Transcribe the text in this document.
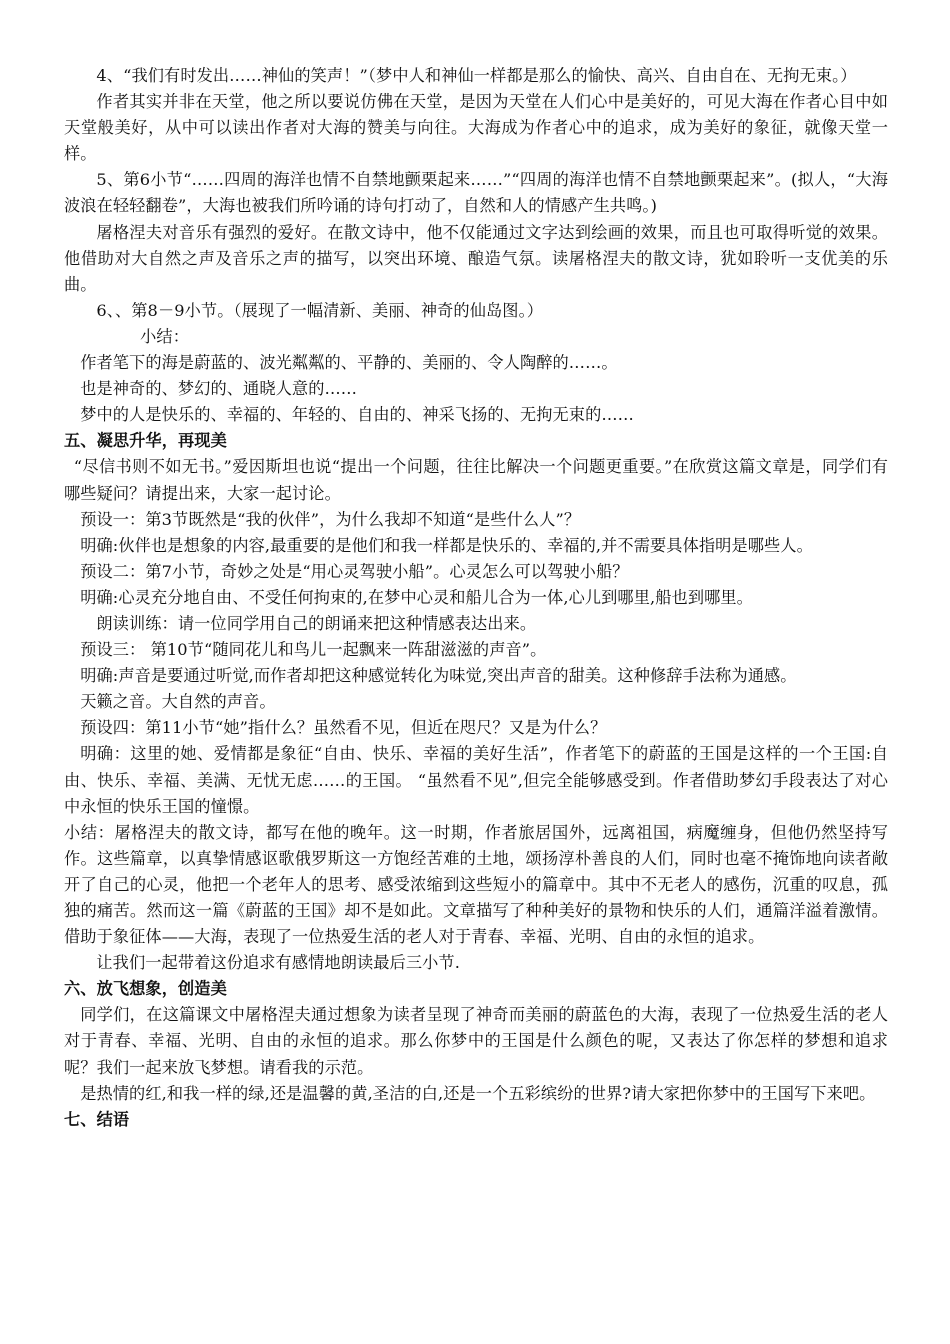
4、“我们有时发出……神仙的笑声！”（梦中人和神仙一样都是那么的愉快、高兴、自由自在、无拘无束。）

作者其实并非在天堂，他之所以要说仿佛在天堂，是因为天堂在人们心中是美好的，可见大海在作者心目中如天堂般美好，从中可以读出作者对大海的赞美与向往。大海成为作者心中的追求，成为美好的象征，就像天堂一样。

5、第6小节“……四周的海洋也情不自禁地颤栗起来……”“四周的海洋也情不自禁地颤栗起来”。(拟人，“大海波浪在轻轻翻卷”，大海也被我们所吟诵的诗句打动了，自然和人的情感产生共鸣。)

屠格涅夫对音乐有强烈的爱好。在散文诗中，他不仅能通过文字达到绘画的效果，而且也可取得听觉的效果。他借助对大自然之声及音乐之声的描写，以突出环境、酿造气氛。读屠格涅夫的散文诗，犹如聆听一支优美的乐曲。

6、、第8－9小节。（展现了一幅清新、美丽、神奇的仙岛图。）

小结：

作者笔下的海是蔚蓝的、波光粼粼的、平静的、美丽的、令人陶醉的……。

也是神奇的、梦幻的、通晓人意的……

梦中的人是快乐的、幸福的、年轻的、自由的、神采飞扬的、无拘无束的……

五、凝思升华，再现美

“尽信书则不如无书。”爱因斯坦也说“提出一个问题，往往比解决一个问题更重要。”在欣赏这篇文章是，同学们有哪些疑问？请提出来，大家一起讨论。

预设一：第3节既然是“我的伙伴”，为什么我却不知道“是些什么人”？

明确:伙伴也是想象的内容,最重要的是他们和我一样都是快乐的、幸福的,并不需要具体指明是哪些人。

预设二：第7小节，奇妙之处是“用心灵驾驶小船”。心灵怎么可以驾驶小船？

明确:心灵充分地自由、不受任何拘束的,在梦中心灵和船儿合为一体,心儿到哪里,船也到哪里。

朗读训练：请一位同学用自己的朗诵来把这种情感表达出来。

预设三： 第10节“随同花儿和鸟儿一起飘来一阵甜滋滋的声音”。

明确:声音是要通过听觉,而作者却把这种感觉转化为味觉,突出声音的甜美。这种修辞手法称为通感。

天籁之音。大自然的声音。

预设四：第11小节“她”指什么？虽然看不见，但近在咫尺？又是为什么？

明确：这里的她、爱情都是象征“自由、快乐、幸福的美好生活”，作者笔下的蔚蓝的王国是这样的一个王国:自由、快乐、幸福、美满、无忧无虑……的王国。 “虽然看不见”,但完全能够感受到。作者借助梦幻手段表达了对心中永恒的快乐王国的憧憬。

小结：屠格涅夫的散文诗，都写在他的晚年。这一时期，作者旅居国外，远离祖国，病魔缠身，但他仍然坚持写作。这些篇章，以真挚情感讴歌俄罗斯这一方饱经苦难的土地，颂扬淳朴善良的人们，同时也毫不掩饰地向读者敞开了自己的心灵，他把一个老年人的思考、感受浓缩到这些短小的篇章中。其中不无老人的感伤，沉重的叹息，孤独的痛苦。然而这一篇《蔚蓝的王国》却不是如此。文章描写了种种美好的景物和快乐的人们，通篇洋溢着激情。借助于象征体——大海，表现了一位热爱生活的老人对于青春、幸福、光明、自由的永恒的追求。

让我们一起带着这份追求有感情地朗读最后三小节.

六、放飞想象，创造美

同学们，在这篇课文中屠格涅夫通过想象为读者呈现了神奇而美丽的蔚蓝色的大海，表现了一位热爱生活的老人对于青春、幸福、光明、自由的永恒的追求。那么你梦中的王国是什么颜色的呢，又表达了你怎样的梦想和追求呢？我们一起来放飞梦想。请看我的示范。

是热情的红,和我一样的绿,还是温馨的黄,圣洁的白,还是一个五彩缤纷的世界?请大家把你梦中的王国写下来吧。

七、结语
